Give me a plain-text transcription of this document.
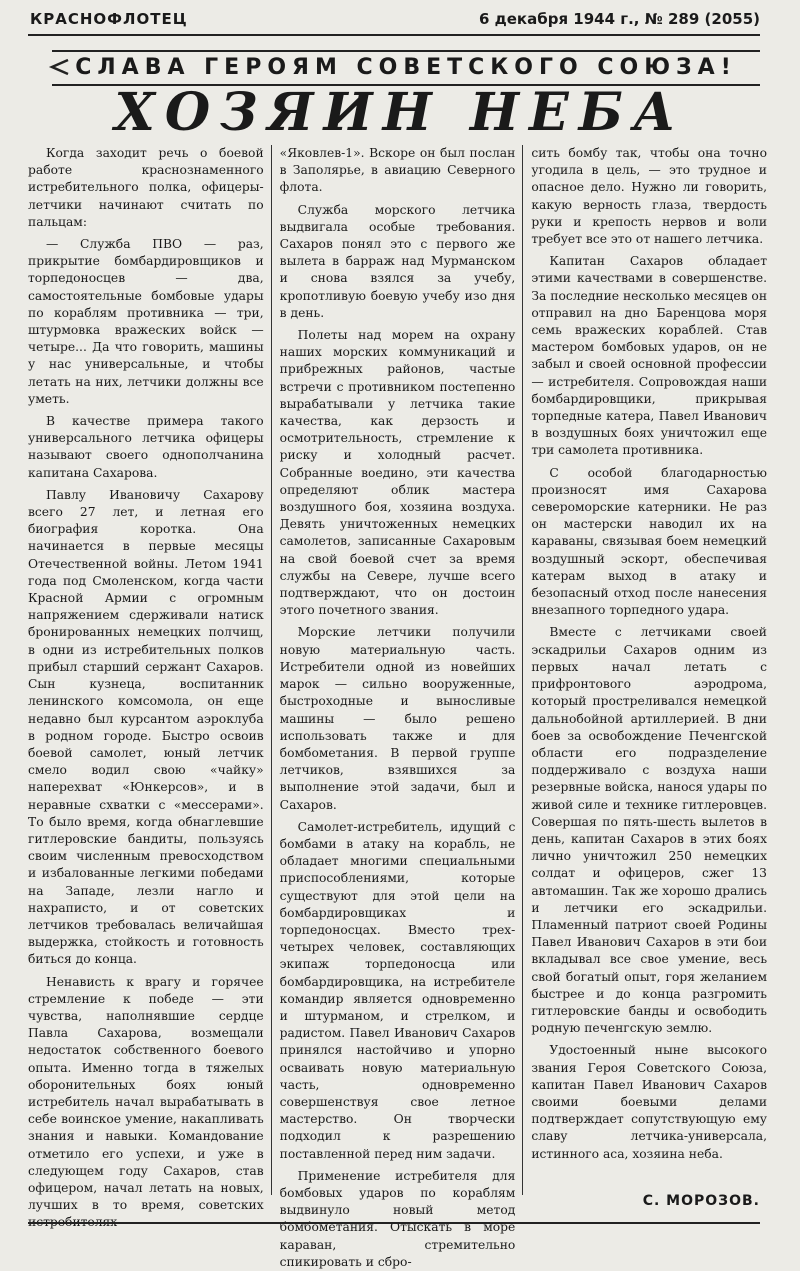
КРАСНОФЛОТЕЦ	6 декабря 1944 г., № 289 (2055)
СЛАВА ГЕРОЯМ СОВЕТСКОГО СОЮЗА!
ХОЗЯИН НЕБА

Когда заходит речь о боевой работе краснознаменного истребительного полка, офицеры-летчики начинают считать по пальцам:

— Служба ПВО — раз, прикрытие бомбардировщиков и торпедоносцев — два, самостоятельные бомбовые удары по кораблям противника — три, штурмовка вражеских войск — четыре... Да что говорить, машины у нас универсальные, и чтобы летать на них, летчики должны все уметь.

В качестве примера такого универсального летчика офицеры называют своего однополчанина капитана Сахарова.

Павлу Ивановичу Сахарову всего 27 лет, и летная его биография коротка. Она начинается в первые месяцы Отечественной войны. Летом 1941 года под Смоленском, когда части Красной Армии с огромным напряжением сдерживали натиск бронированных немецких полчищ, в одни из истребительных полков прибыл старший сержант Сахаров. Сын кузнеца, воспитанник ленинского комсомола, он еще недавно был курсантом аэроклуба в родном городе. Быстро освоив боевой самолет, юный летчик смело водил свою «чайку» наперехват «Юнкерсов», и в неравные схватки с «мессерами». То было время, когда обнаглевшие гитлеровские бандиты, пользуясь своим численным превосходством и избалованные легкими победами на Западе, лезли нагло и нахраписто, и от советских летчиков требовалась величайшая выдержка, стойкость и готовность биться до конца.

Ненависть к врагу и горячее стремление к победе — эти чувства, наполнявшие сердце Павла Сахарова, возмещали недостаток собственного боевого опыта. Именно тогда в тяжелых оборонительных боях юный истребитель начал вырабатывать в себе воинское умение, накапливать знания и навыки. Командование отметило его успехи, и уже в следующем году Сахаров, став офицером, начал летать на новых, лучших в то время, советских истребителях

«Яковлев-1». Вскоре он был послан в Заполярье, в авиацию Северного флота.

Служба морского летчика выдвигала особые требования. Сахаров понял это с первого же вылета в барраж над Мурманском и снова взялся за учебу, кропотливую боевую учебу изо дня в день.

Полеты над морем на охрану наших морских коммуникаций и прибрежных районов, частые встречи с противником постепенно вырабатывали у летчика такие качества, как дерзость и осмотрительность, стремление к риску и холодный расчет. Собранные воедино, эти качества определяют облик мастера воздушного боя, хозяина воздуха. Девять уничтоженных немецких самолетов, записанные Сахаровым на свой боевой счет за время службы на Севере, лучше всего подтверждают, что он достоин этого почетного звания.

Морские летчики получили новую материальную часть. Истребители одной из новейших марок — сильно вооруженные, быстроходные и выносливые машины — было решено использовать также и для бомбометания. В первой группе летчиков, взявшихся за выполнение этой задачи, был и Сахаров.

Самолет-истребитель, идущий с бомбами в атаку на корабль, не обладает многими специальными приспособлениями, которые существуют для этой цели на бомбардировщиках и торпедоносцах. Вместо трех-четырех человек, составляющих экипаж торпедоносца или бомбардировщика, на истребителе командир является одновременно и штурманом, и стрелком, и радистом. Павел Иванович Сахаров принялся настойчиво и упорно осваивать новую материальную часть, одновременно совершенствуя свое летное мастерство. Он творчески подходил к разрешению поставленной перед ним задачи.

Применение истребителя для бомбовых ударов по кораблям выдвинуло новый метод бомбометания. Отыскать в море караван, стремительно спикировать и сбро-

сить бомбу так, чтобы она точно угодила в цель, — это трудное и опасное дело. Нужно ли говорить, какую верность глаза, твердость руки и крепость нервов и воли требует все это от нашего летчика.

Капитан Сахаров обладает этими качествами в совершенстве. За последние несколько месяцев он отправил на дно Баренцова моря семь вражеских кораблей. Став мастером бомбовых ударов, он не забыл и своей основной профессии — истребителя. Сопровождая наши бомбардировщики, прикрывая торпедные катера, Павел Иванович в воздушных боях уничтожил еще три самолета противника.

С особой благодарностью произносят имя Сахарова североморские катерники. Не раз он мастерски наводил их на караваны, связывая боем немецкий воздушный эскорт, обеспечивая катерам выход в атаку и безопасный отход после нанесения внезапного торпедного удара.

Вместе с летчиками своей эскадрильи Сахаров одним из первых начал летать с прифронтового аэродрома, который простреливался немецкой дальнобойной артиллерией. В дни боев за освобождение Печенгской области его подразделение поддерживало с воздуха наши резервные войска, нанося удары по живой силе и технике гитлеровцев. Совершая по пять-шесть вылетов в день, капитан Сахаров в этих боях лично уничтожил 250 немецких солдат и офицеров, сжег 13 автомашин. Так же хорошо дрались и летчики его эскадрильи. Пламенный патриот своей Родины Павел Иванович Сахаров в эти бои вкладывал все свое умение, весь свой богатый опыт, горя желанием быстрее и до конца разгромить гитлеровские банды и освободить родную печенгскую землю.

Удостоенный ныне высокого звания Героя Советского Союза, капитан Павел Иванович Сахаров своими боевыми делами подтверждает сопутствующую ему славу летчика-универсала, истинного аса, хозяина неба.

С. МОРОЗОВ.
